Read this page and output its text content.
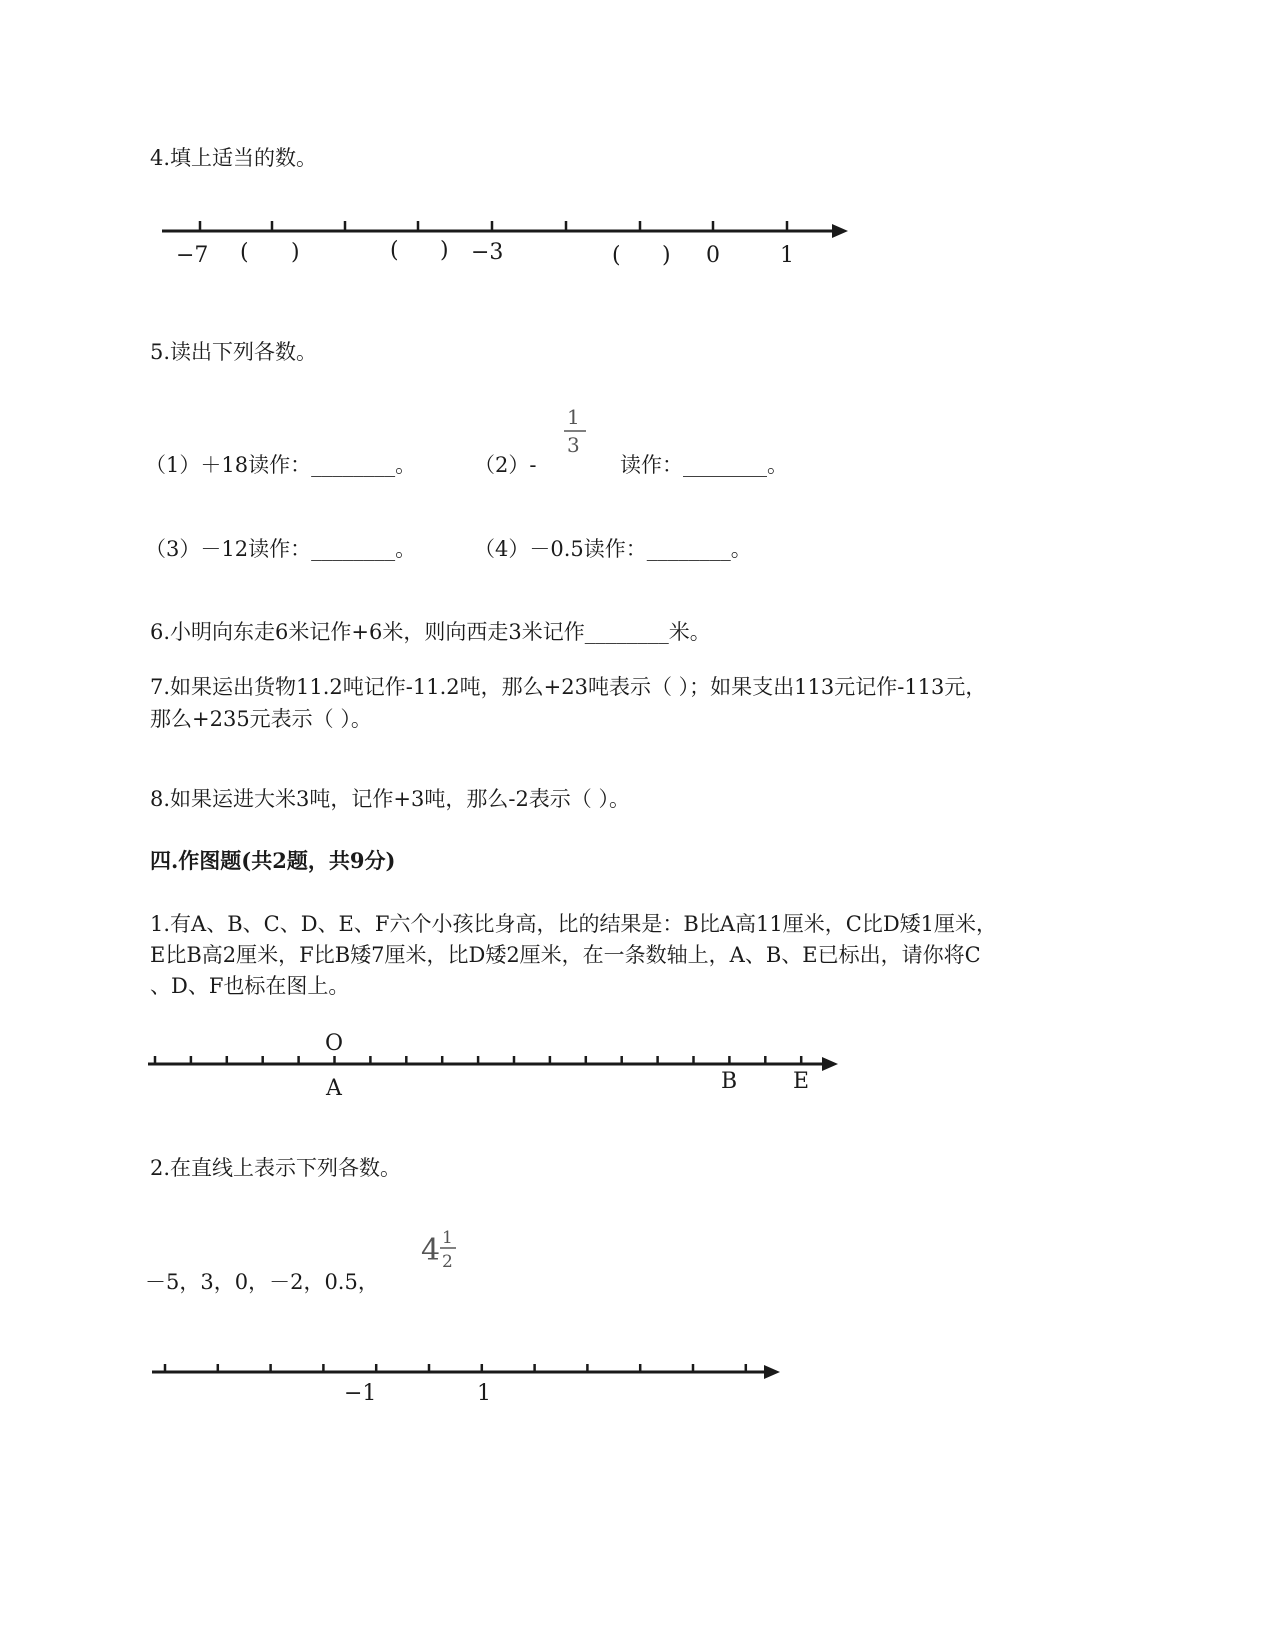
4.填上适当的数。
−7 ( )	( ) −3	( ) 0	1
5.读出下列各数。
（1）＋18读作：________。	（2）-
1
3
读作：________。
（3）－12读作：________。	（4）－0.5读作：________。
6.小明向东走6米记作+6米，则向西走3米记作________米。
7.如果运出货物11.2吨记作-11.2吨，那么+23吨表示（ ）；如果支出113元记作-113元，
那么+235元表示（ ）。
8.如果运进大米3吨，记作+3吨，那么-2表示（ ）。
四.作图题(共2题，共9分)
1.有A、B、C、D、E、F六个小孩比身高，比的结果是：B比A高11厘米，C比D矮1厘米，
E比B高2厘米，F比B矮7厘米，比D矮2厘米，在一条数轴上，A、B、E已标出，请你将C
、D、F也标在图上。
O
A	B	E
2.在直线上表示下列各数。
－5，3，0，－2，0.5，
4 1
2
−1	1
